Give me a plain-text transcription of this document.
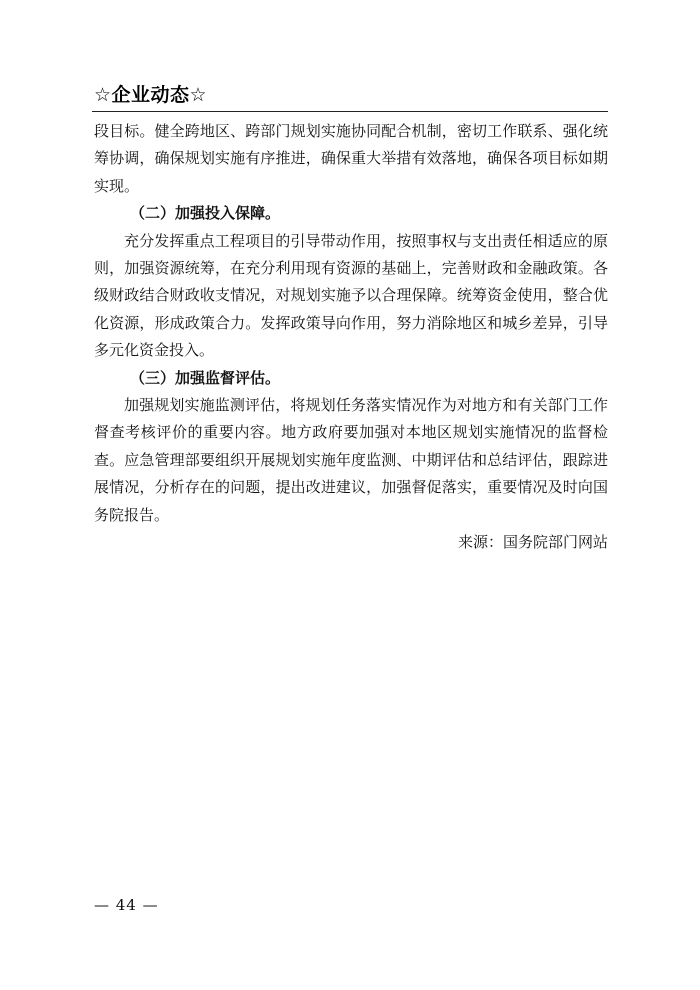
☆企业动态☆

段目标。健全跨地区、跨部门规划实施协同配合机制，密切工作联系、强化统筹协调，确保规划实施有序推进，确保重大举措有效落地，确保各项目标如期实现。

（二）加强投入保障。

充分发挥重点工程项目的引导带动作用，按照事权与支出责任相适应的原则，加强资源统筹，在充分利用现有资源的基础上，完善财政和金融政策。各级财政结合财政收支情况，对规划实施予以合理保障。统筹资金使用，整合优化资源，形成政策合力。发挥政策导向作用，努力消除地区和城乡差异，引导多元化资金投入。

（三）加强监督评估。

加强规划实施监测评估，将规划任务落实情况作为对地方和有关部门工作督查考核评价的重要内容。地方政府要加强对本地区规划实施情况的监督检查。应急管理部要组织开展规划实施年度监测、中期评估和总结评估，跟踪进展情况，分析存在的问题，提出改进建议，加强督促落实，重要情况及时向国务院报告。

来源：国务院部门网站

— 44 —
